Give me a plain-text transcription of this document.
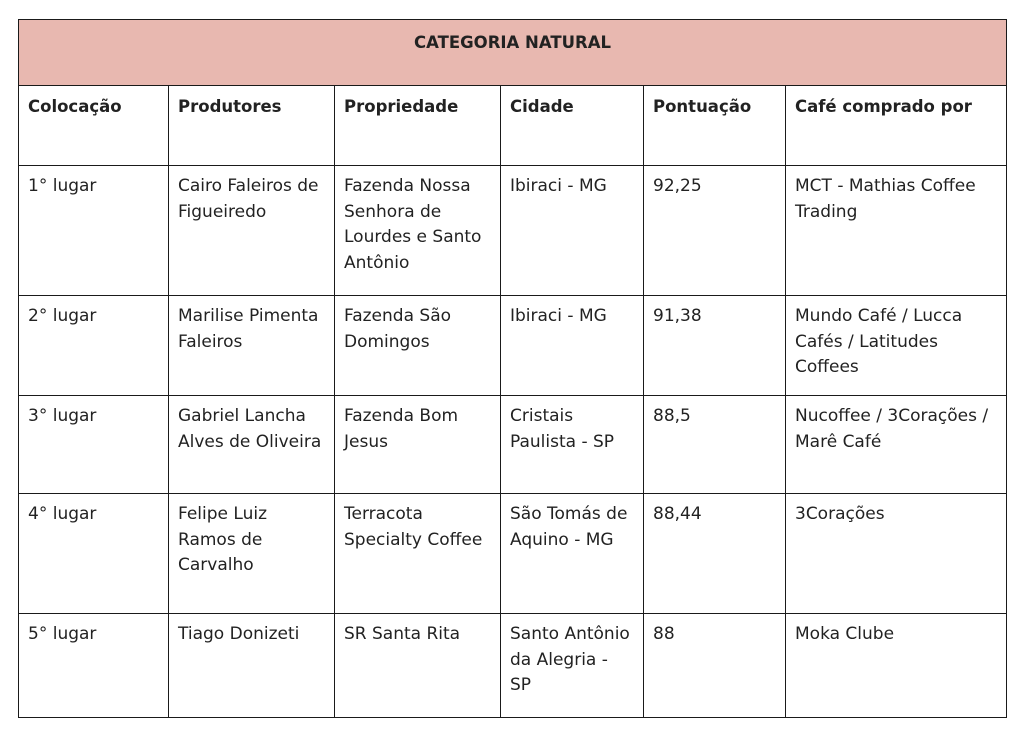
CATEGORIA NATURAL					
Colocação	Produtores	Propriedade	Cidade	Pontuação	Café comprado por
1° lugar	Cairo Faleiros de Figueiredo	Fazenda Nossa Senhora de Lourdes e Santo Antônio	Ibiraci - MG	92,25	MCT - Mathias Coffee Trading
2° lugar	Marilise Pimenta Faleiros	Fazenda São Domingos	Ibiraci - MG	91,38	Mundo Café / Lucca Cafés / Latitudes Coffees
3° lugar	Gabriel Lancha Alves de Oliveira	Fazenda Bom Jesus	Cristais Paulista - SP	88,5	Nucoffee / 3Corações / Marê Café
4° lugar	Felipe Luiz Ramos de Carvalho	Terracota Specialty Coffee	São Tomás de Aquino - MG	88,44	3Corações
5° lugar	Tiago Donizeti	SR Santa Rita	Santo Antônio da Alegria - SP	88	Moka Clube
